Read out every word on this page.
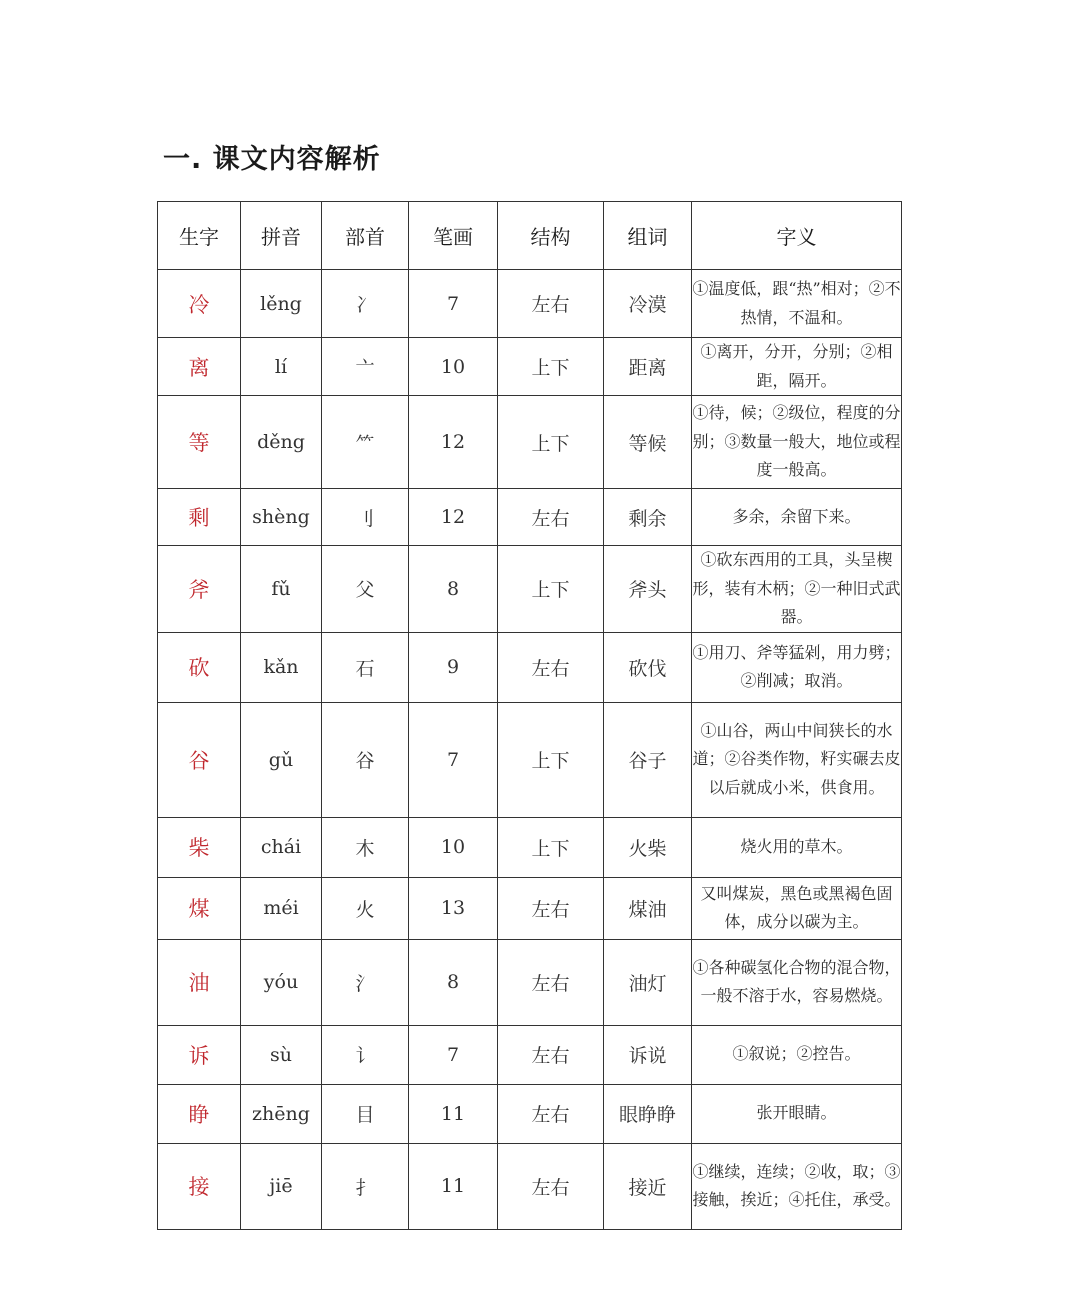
一. 课文内容解析
生字	拼音	部首	笔画	结构	组词	字义
冷	lěng	冫	7	左右	冷漠	①温度低，跟“热”相对；②不热情，不温和。
离	lí	亠	10	上下	距离	①离开，分开，分别；②相距，隔开。
等	děng	⺮	12	上下	等候	①待，候；②级位，程度的分别；③数量一般大，地位或程度一般高。
剩	shèng	刂	12	左右	剩余	多余，余留下来。
斧	fǔ	父	8	上下	斧头	①砍东西用的工具，头呈楔形，装有木柄；②一种旧式武器。
砍	kǎn	石	9	左右	砍伐	①用刀、斧等猛剁，用力劈；②削减；取消。
谷	gǔ	谷	7	上下	谷子	①山谷，两山中间狭长的水道；②谷类作物，籽实碾去皮以后就成小米，供食用。
柴	chái	木	10	上下	火柴	烧火用的草木。
煤	méi	火	13	左右	煤油	又叫煤炭，黑色或黑褐色固体，成分以碳为主。
油	yóu	氵	8	左右	油灯	①各种碳氢化合物的混合物，一般不溶于水，容易燃烧。
诉	sù	讠	7	左右	诉说	①叙说；②控告。
睁	zhēng	目	11	左右	眼睁睁	张开眼睛。
接	jiē	扌	11	左右	接近	①继续，连续；②收，取；③接触，挨近；④托住，承受。
